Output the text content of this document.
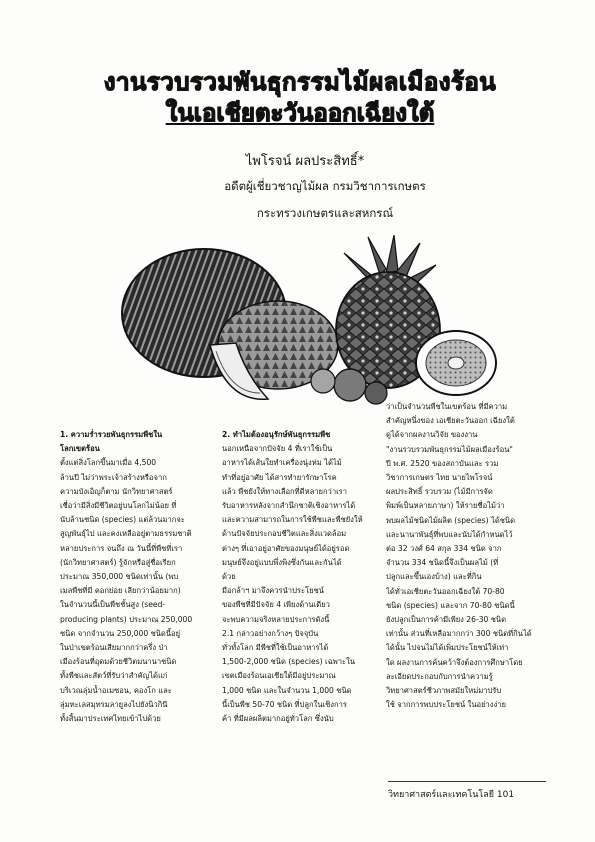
งานรวบรวมพันธุกรรมไม้ผลเมืองร้อน
ในเอเชียตะวันออกเฉียงใต้
ไพโรจน์ ผลประสิทธิ์*
อดีตผู้เชี่ยวชาญไม้ผล กรมวิชาการเกษตร
กระทรวงเกษตรและสหกรณ์

1. ความร่ำรวยพันธุกรรมพืชใน

โลกเขตร้อน

ตั้งแต่สิ่งโลกขึ้นมาเมื่อ 4,500

ล้านปี ไม่ว่าพระเจ้าสร้างหรือจาก

ความบังเอิญก็ตาม นักวิทยาศาสตร์

เชื่อว่ามีสิ่งมีชีวิตอยู่บนโลกไม่น้อย ที่

นับล้านชนิด (species) แต่ล้วนมากจะ

สูญพันธุ์ไป และคงเหลืออยู่ตามธรรมชาติ

หลายประการ จนถึง ณ วันนี้ที่พืชที่เรา

(นักวิทยาศาสตร์) รู้จักหรือสู่ชื่อเรียก

ประมาณ 350,000 ชนิดเท่านั้น (พบ

เมลพืชที่มี ดอกย่อย เลียกว่าน้อยมาก)

ในจำนวนนี้เป็นพืชชั้นสูง (seed-

producing plants) ประมาณ 250,000

ชนิด จากจำนวน 250,000 ชนิดนี้อยู่

ในป่าเขตร้อนเสียมากกว่าครึ่ง ป่า

เมืองร้อนที่อุดมด้วยชีวิตมนานาชนิด

ทั้งพืชและสัตว์ที่รับว่าสำคัญได้แก่

บริเวณลุ่มน้ำอเมซอน, คองโก และ

ลุ่มทะเลสมุทรมลายูลงไปยังนิวกินี

ทั้งสิ้นมาประเทศไทยเข้าไปด้วย

2. ทำไมต้องอนุรักษ์พันธุกรรมพืช

นอกเหนือจากปัจจัย 4 ที่เราใช้เป็น

อาหารได้เส้นใยทำเครื่องนุ่งห่ม ได้ไม้

ทำที่อยู่อาศัย ได้สารทำยารักษาโรค

แล้ว พืชยังให้ทางเลือกที่ดีหลายกว่าเรา

รับอาหารหลังจากสำนึกชาติเชิงอาหารได้

และความสามารถในการใช้พืชและพืชยังให้

ด้านปัจจัยประกอบชีวิตและสิ่งแวดล้อม

ต่างๆ ที่เอาอยู่อาศัยของมนุษย์ได้อยู่รอด

มนุษย์จึงอยู่แบบพึ่งพิงซึ่งกันและกันได้

ด้วย

มือกล้าฯ มาจึงควรนำประโยชน์

ของพืชที่มีปัจจัย 4 เพียงด้านเดียว

จะพบความจริงหลายประการดังนี้

2.1 กล่าวอย่างกว้างๆ ปัจจุบัน

ทั่วทั้งโลก มีพืชที่ใช้เป็นอาหารได้

1,500-2,000 ชนิด (species) เฉพาะใน

เขตเมืองร้อนเอเชียใต้มีอยู่ประมาณ

1,000 ชนิด และในจำนวน 1,000 ชนิด

นี้เป็นพืช 50-70 ชนิด ที่ปลูกในเชิงการ

ค้า ที่มีผลผลิตมากอยู่ทั่วโลก ซึ่งนับ

ว่าเป็นจำนวนพืชในเขตร้อน ที่มีความ

สำคัญหนึ่งของ เอเชียตะวันออก เฉียงใต้

ดูได้จากผลงานวิจัย ของงาน

"งานรวบรวมพันธุกรรมไม้ผลเมืองร้อน"

ปี พ.ศ. 2520 ของสถาบันและ รวม

วิชาการเกษตร ไทย นายไพโรจน์

ผลประสิทธิ์ รวบรวม (ไม้มีการจัด

พิมพ์เป็นหลายภาษา) ให้รายชื่อไม้ว่า

พบผลไม้ชนิดไม้ผลิต (species) ได้ชนิด

และนานาพันธุ์ที่พบและนับได้กำหนดไว้

ต่อ 32 วงศ์ 64 สกุล 334 ชนิด จาก

จำนวน 334 ชนิดนี้จึงเป็นผลไม้ (ที่

ปลูกและขึ้นเองบ้าง) และที่กิน

ได้ทั่วเอเชียตะวันออกเฉียงใต้ 70-80

ชนิด (species) และจาก 70-80 ชนิดนี้

ยังปลูกเป็นการค้ามีเพียง 26-30 ชนิด

เท่านั้น ส่วนที่เหลือมากกว่า 300 ชนิดที่กินได้

ได้นั้น ไปจนไม่ได้เพิ่มประโยชน์ให้เท่า

ใด ผลงานการค้นคว้าจึงต้องการศึกษาโดย

ละเอียดประกอบกับการนำความรู้

วิทยาศาสตร์ชีวภาพสมัยใหม่มาปรับ

ใช้ จากการพบประโยชน์ ในอย่างง่าย

วิทยาศาสตร์และเทคโนโลยี 101
